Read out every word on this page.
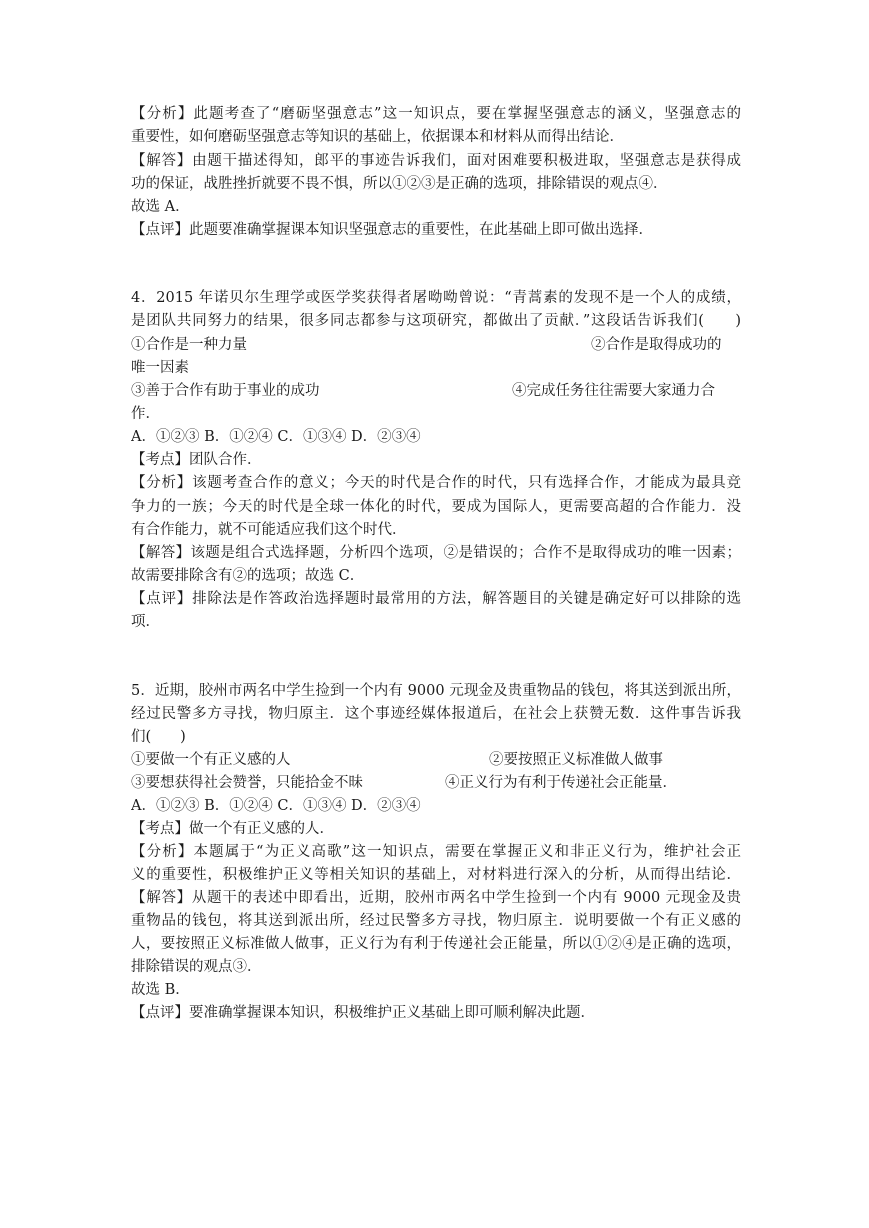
【分析】此题考查了“磨砺坚强意志”这一知识点，要在掌握坚强意志的涵义，坚强意志的
重要性，如何磨砺坚强意志等知识的基础上，依据课本和材料从而得出结论．
【解答】由题干描述得知，郎平的事迹告诉我们，面对困难要积极进取，坚强意志是获得成
功的保证，战胜挫折就要不畏不惧，所以①②③是正确的选项，排除错误的观点④．
故选 A．
【点评】此题要准确掌握课本知识坚强意志的重要性，在此基础上即可做出选择．
4．2015 年诺贝尔生理学或医学奖获得者屠呦呦曾说：“青蒿素的发现不是一个人的成绩，
是团队共同努力的结果，很多同志都参与这项研究，都做出了贡献．”这段话告诉我们(　　)
①合作是一种力量	②合作是取得成功的
唯一因素
③善于合作有助于事业的成功	④完成任务往往需要大家通力合
作．
A．①②③ B．①②④ C．①③④ D．②③④
【考点】团队合作．
【分析】该题考查合作的意义；今天的时代是合作的时代，只有选择合作，才能成为最具竞
争力的一族；今天的时代是全球一体化的时代，要成为国际人，更需要高超的合作能力．没
有合作能力，就不可能适应我们这个时代．
【解答】该题是组合式选择题，分析四个选项，②是错误的；合作不是取得成功的唯一因素；
故需要排除含有②的选项；故选 C．
【点评】排除法是作答政治选择题时最常用的方法，解答题目的关键是确定好可以排除的选
项．
5．近期，胶州市两名中学生捡到一个内有 9000 元现金及贵重物品的钱包，将其送到派出所，
经过民警多方寻找，物归原主．这个事迹经媒体报道后，在社会上获赞无数．这件事告诉我
们(　　)
①要做一个有正义感的人	②要按照正义标准做人做事
③要想获得社会赞誉，只能拾金不昧	④正义行为有利于传递社会正能量．
A．①②③ B．①②④ C．①③④ D．②③④
【考点】做一个有正义感的人．
【分析】本题属于“为正义高歌”这一知识点，需要在掌握正义和非正义行为，维护社会正
义的重要性，积极维护正义等相关知识的基础上，对材料进行深入的分析，从而得出结论．
【解答】从题干的表述中即看出，近期，胶州市两名中学生捡到一个内有 9000 元现金及贵
重物品的钱包，将其送到派出所，经过民警多方寻找，物归原主．说明要做一个有正义感的
人，要按照正义标准做人做事，正义行为有利于传递社会正能量，所以①②④是正确的选项，
排除错误的观点③．
故选 B．
【点评】要准确掌握课本知识，积极维护正义基础上即可顺利解决此题．
